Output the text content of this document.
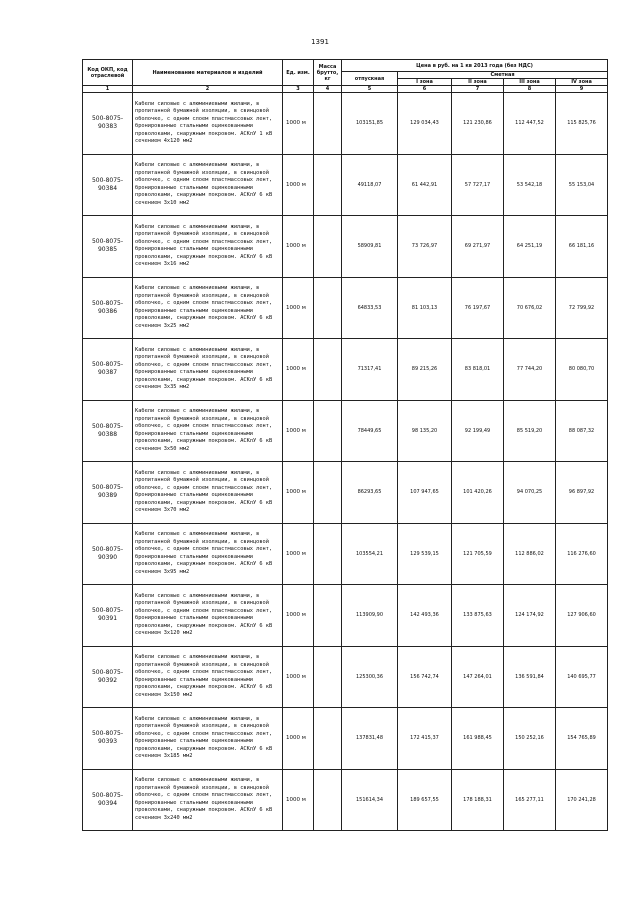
1391
Код ОКП, код отраслевой	Наименование материалов и изделий	Ед. изм.	Масса брутто, кг	Цена в руб. на 1 кв 2013 года (без НДС)				
				отпускная	Сметная			
					I зона	II зона	III зона	IV зона
1	2	3	4	5	6	7	8	9
500-8075-90383	Кабели силовые с алюминиевыми жилами, в пропитанной бумажной изоляции, в свинцовой оболочке, с одним слоем пластмассовых лент, бронированные стальными оцинкованными проволоками, снаружным покровом. АСКлУ 1 кВ сечением 4х120 мм2	1000 м		103151,85	129 034,43	121 230,86	112 447,52	115 825,76
500-8075-90384	Кабели силовые с алюминиевыми жилами, в пропитанной бумажной изоляции, в свинцовой оболочке, с одним слоем пластмассовых лент, бронированные стальными оцинкованными проволоками, снаружным покровом. АСКлУ 6 кВ сечением 3х10 мм2	1000 м		49118,07	61 442,91	57 727,17	53 542,18	55 153,04
500-8075-90385	Кабели силовые с алюминиевыми жилами, в пропитанной бумажной изоляции, в свинцовой оболочке, с одним слоем пластмассовых лент, бронированные стальными оцинкованными проволоками, снаружным покровом. АСКлУ 6 кВ сечением 3х16 мм2	1000 м		58909,81	73 726,97	69 271,97	64 251,19	66 181,16
500-8075-90386	Кабели силовые с алюминиевыми жилами, в пропитанной бумажной изоляции, в свинцовой оболочке, с одним слоем пластмассовых лент, бронированные стальными оцинкованными проволоками, снаружным покровом. АСКлУ 6 кВ сечением 3х25 мм2	1000 м		64833,53	81 103,13	76 197,67	70 676,02	72 799,92
500-8075-90387	Кабели силовые с алюминиевыми жилами, в пропитанной бумажной изоляции, в свинцовой оболочке, с одним слоем пластмассовых лент, бронированные стальными оцинкованными проволоками, снаружным покровом. АСКлУ 6 кВ сечением 3х35 мм2	1000 м		71317,41	89 215,26	83 818,01	77 744,20	80 080,70
500-8075-90388	Кабели силовые с алюминиевыми жилами, в пропитанной бумажной изоляции, в свинцовой оболочке, с одним слоем пластмассовых лент, бронированные стальными оцинкованными проволоками, снаружным покровом. АСКлУ 6 кВ сечением 3х50 мм2	1000 м		78449,65	98 135,20	92 199,49	85 519,20	88 087,32
500-8075-90389	Кабели силовые с алюминиевыми жилами, в пропитанной бумажной изоляции, в свинцовой оболочке, с одним слоем пластмассовых лент, бронированные стальными оцинкованными проволоками, снаружным покровом. АСКлУ 6 кВ сечением 3х70 мм2	1000 м		86293,65	107 947,65	101 420,26	94 070,25	96 897,92
500-8075-90390	Кабели силовые с алюминиевыми жилами, в пропитанной бумажной изоляции, в свинцовой оболочке, с одним слоем пластмассовых лент, бронированные стальными оцинкованными проволоками, снаружным покровом. АСКлУ 6 кВ сечением 3х95 мм2	1000 м		103554,21	129 539,15	121 705,59	112 886,02	116 276,60
500-8075-90391	Кабели силовые с алюминиевыми жилами, в пропитанной бумажной изоляции, в свинцовой оболочке, с одним слоем пластмассовых лент, бронированные стальными оцинкованными проволоками, снаружным покровом. АСКлУ 6 кВ сечением 3х120 мм2	1000 м		113909,90	142 493,36	133 875,63	124 174,92	127 906,60
500-8075-90392	Кабели силовые с алюминиевыми жилами, в пропитанной бумажной изоляции, в свинцовой оболочке, с одним слоем пластмассовых лент, бронированные стальными оцинкованными проволоками, снаружным покровом. АСКлУ 6 кВ сечением 3х150 мм2	1000 м		125300,36	156 742,74	147 264,01	136 591,84	140 695,77
500-8075-90393	Кабели силовые с алюминиевыми жилами, в пропитанной бумажной изоляции, в свинцовой оболочке, с одним слоем пластмассовых лент, бронированные стальными оцинкованными проволоками, снаружным покровом. АСКлУ 6 кВ сечением 3х185 мм2	1000 м		137831,48	172 415,37	161 988,45	150 252,16	154 765,89
500-8075-90394	Кабели силовые с алюминиевыми жилами, в пропитанной бумажной изоляции, в свинцовой оболочке, с одним слоем пластмассовых лент, бронированные стальными оцинкованными проволоками, снаружным покровом. АСКлУ 6 кВ сечением 3х240 мм2	1000 м		151614,34	189 657,55	178 188,31	165 277,11	170 241,28
